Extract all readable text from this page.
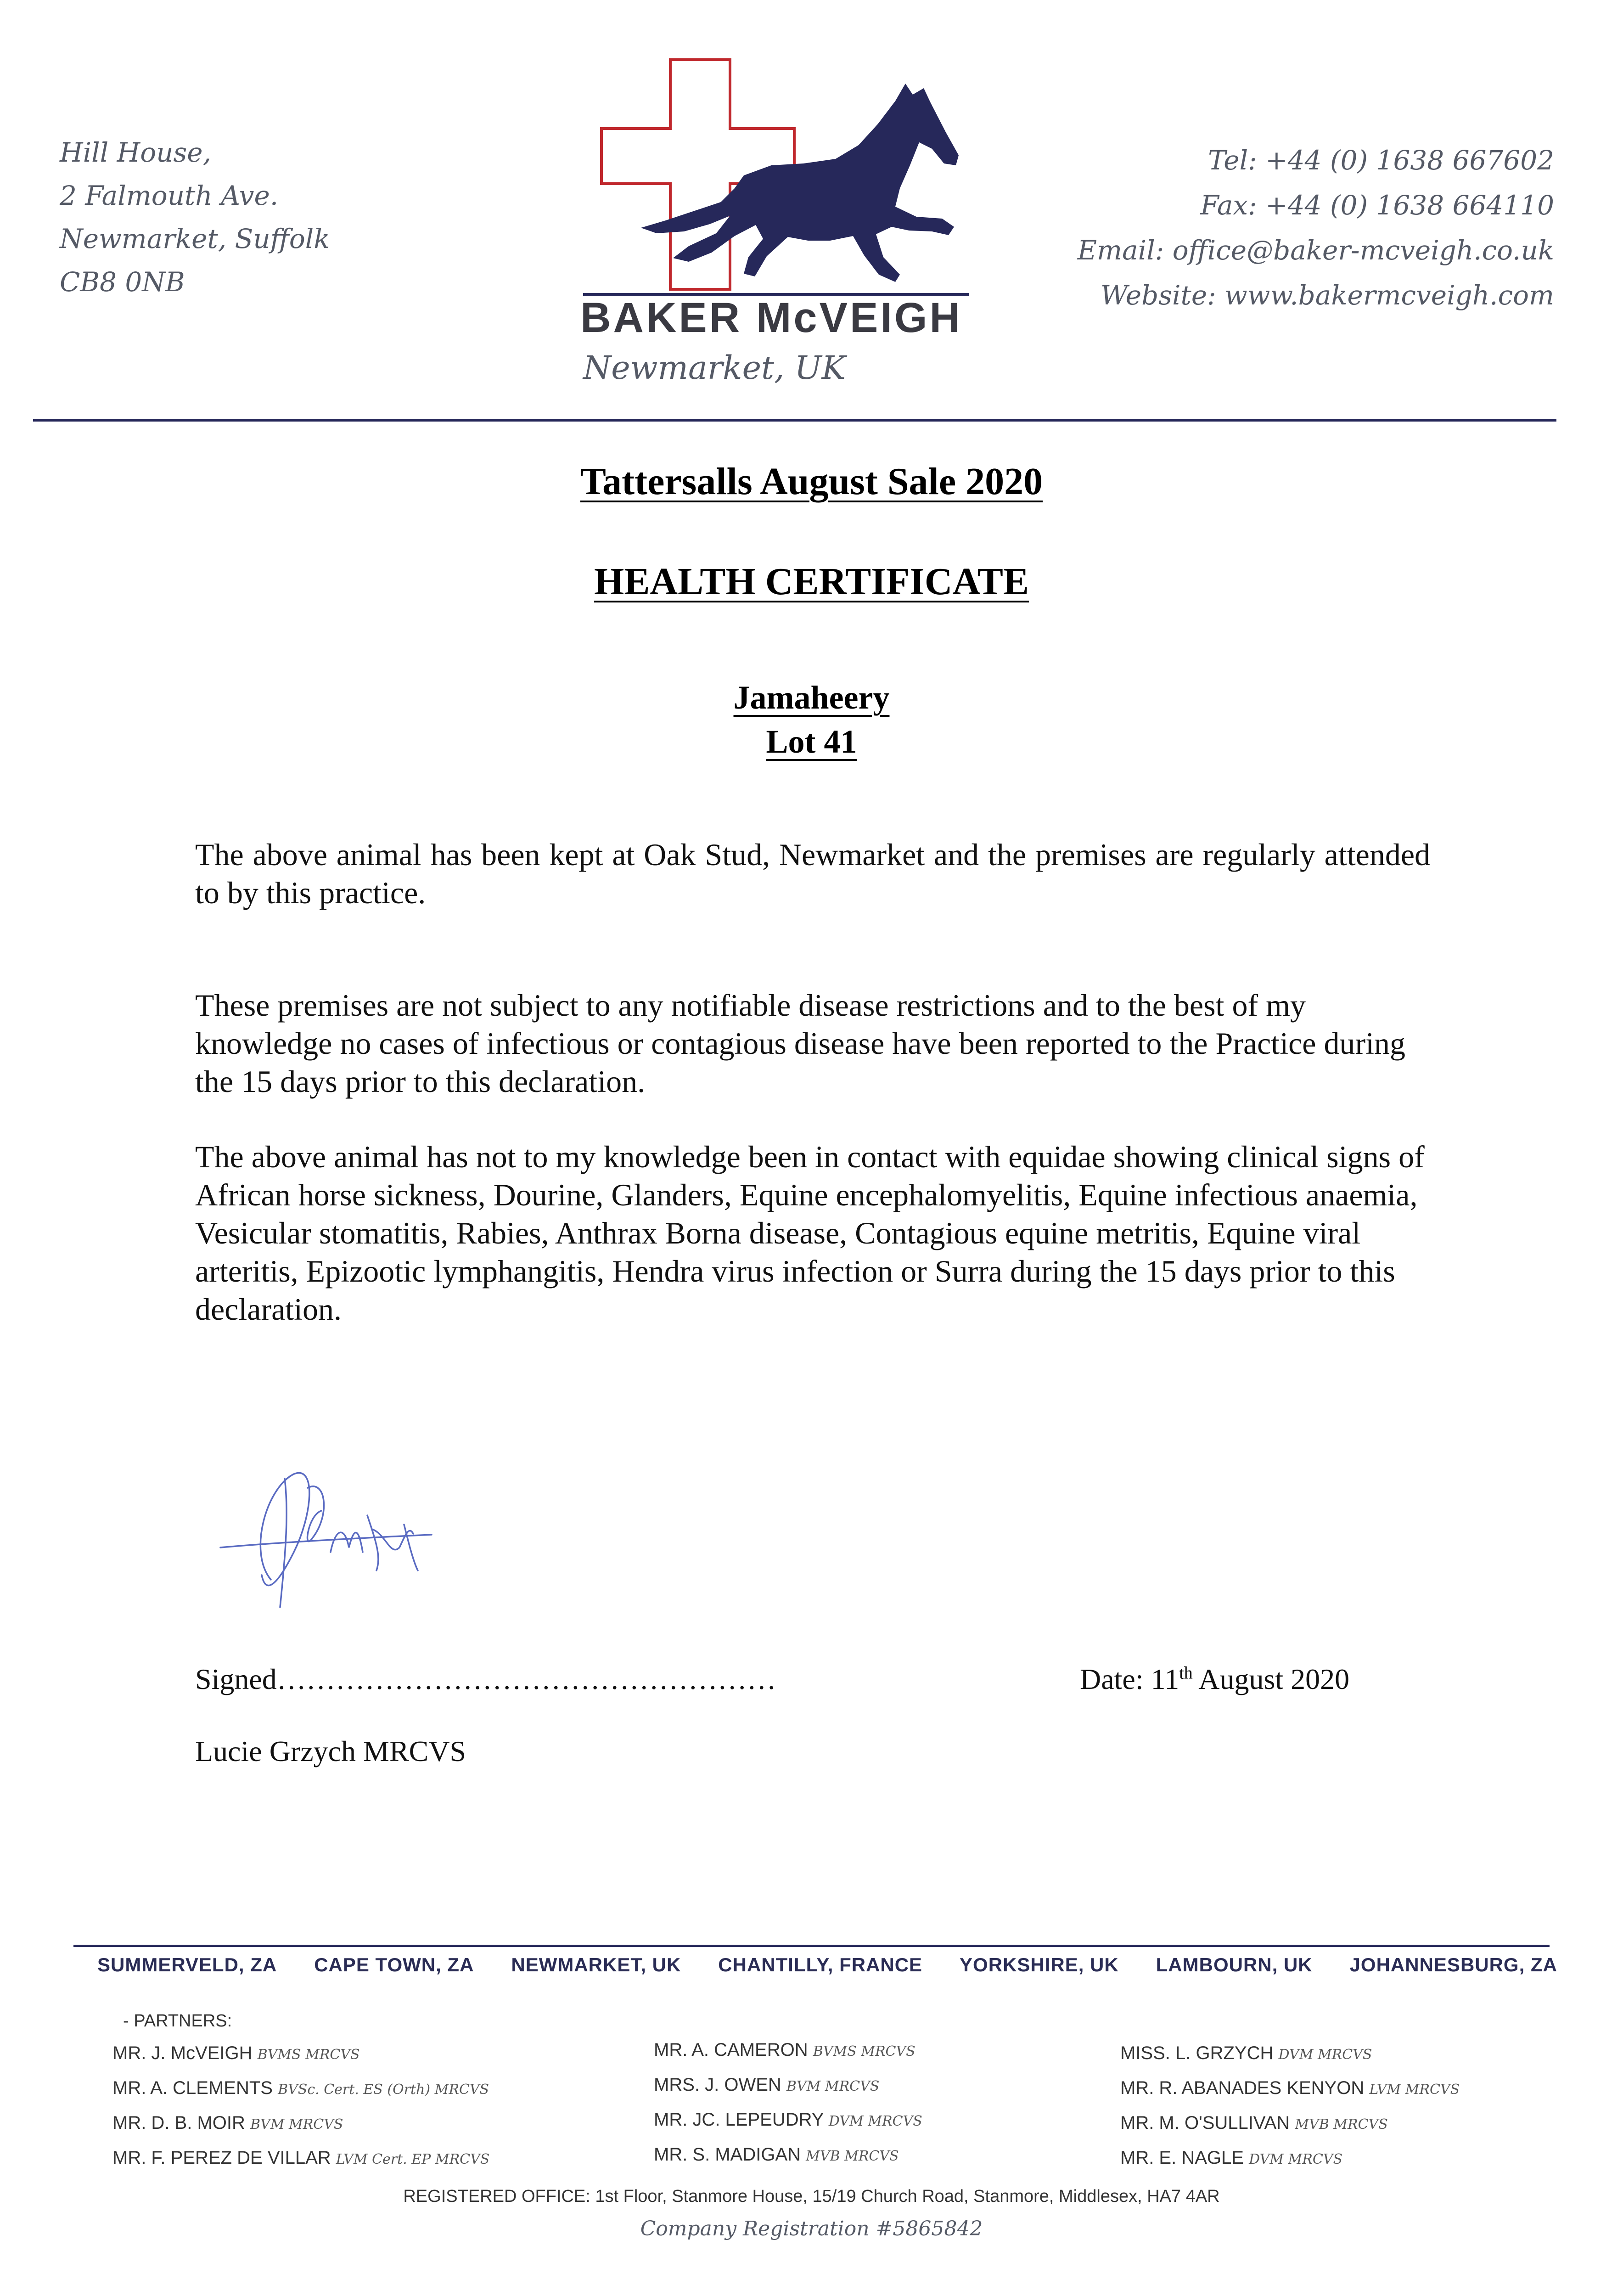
Hill House,
2 Falmouth Ave.
Newmarket, Suffolk
CB8 0NB
Tel: +44 (0) 1638 667602
Fax: +44 (0) 1638 664110
Email: office@baker-mcveigh.co.uk
Website: www.bakermcveigh.com
BAKER McVEIGH
Newmarket, UK
Tattersalls August Sale 2020
HEALTH CERTIFICATE
Jamaheery
Lot 41
The above animal has been kept at Oak Stud, Newmarket and the premises are regularly attended to by this practice.
These premises are not subject to any notifiable disease restrictions and to the best of my knowledge no cases of infectious or contagious disease have been reported to the Practice during the 15 days prior to this declaration.
The above animal has not to my knowledge been in contact with equidae showing clinical signs of African horse sickness, Dourine, Glanders, Equine encephalomyelitis, Equine infectious anaemia, Vesicular stomatitis, Rabies, Anthrax Borna disease, Contagious equine metritis, Equine viral arteritis, Epizootic lymphangitis, Hendra virus infection or Surra during the 15 days prior to this declaration.
Signed……………………………………………	Date: 11th August 2020
Lucie Grzych MRCVS
SUMMERVELD, ZA CAPE TOWN, ZA NEWMARKET, UK CHANTILLY, FRANCE YORKSHIRE, UK LAMBOURN, UK JOHANNESBURG, ZA
- PARTNERS:
MR. J. McVEIGH BVMS MRCVS
MR. A. CLEMENTS BVSc. Cert. ES (Orth) MRCVS
MR. D. B. MOIR BVM MRCVS
MR. F. PEREZ DE VILLAR LVM Cert. EP MRCVS
MR. A. CAMERON BVMS MRCVS
MRS. J. OWEN BVM MRCVS
MR. JC. LEPEUDRY DVM MRCVS
MR. S. MADIGAN MVB MRCVS
MISS. L. GRZYCH DVM MRCVS
MR. R. ABANADES KENYON LVM MRCVS
MR. M. O'SULLIVAN MVB MRCVS
MR. E. NAGLE DVM MRCVS
REGISTERED OFFICE: 1st Floor, Stanmore House, 15/19 Church Road, Stanmore, Middlesex, HA7 4AR
Company Registration #5865842
